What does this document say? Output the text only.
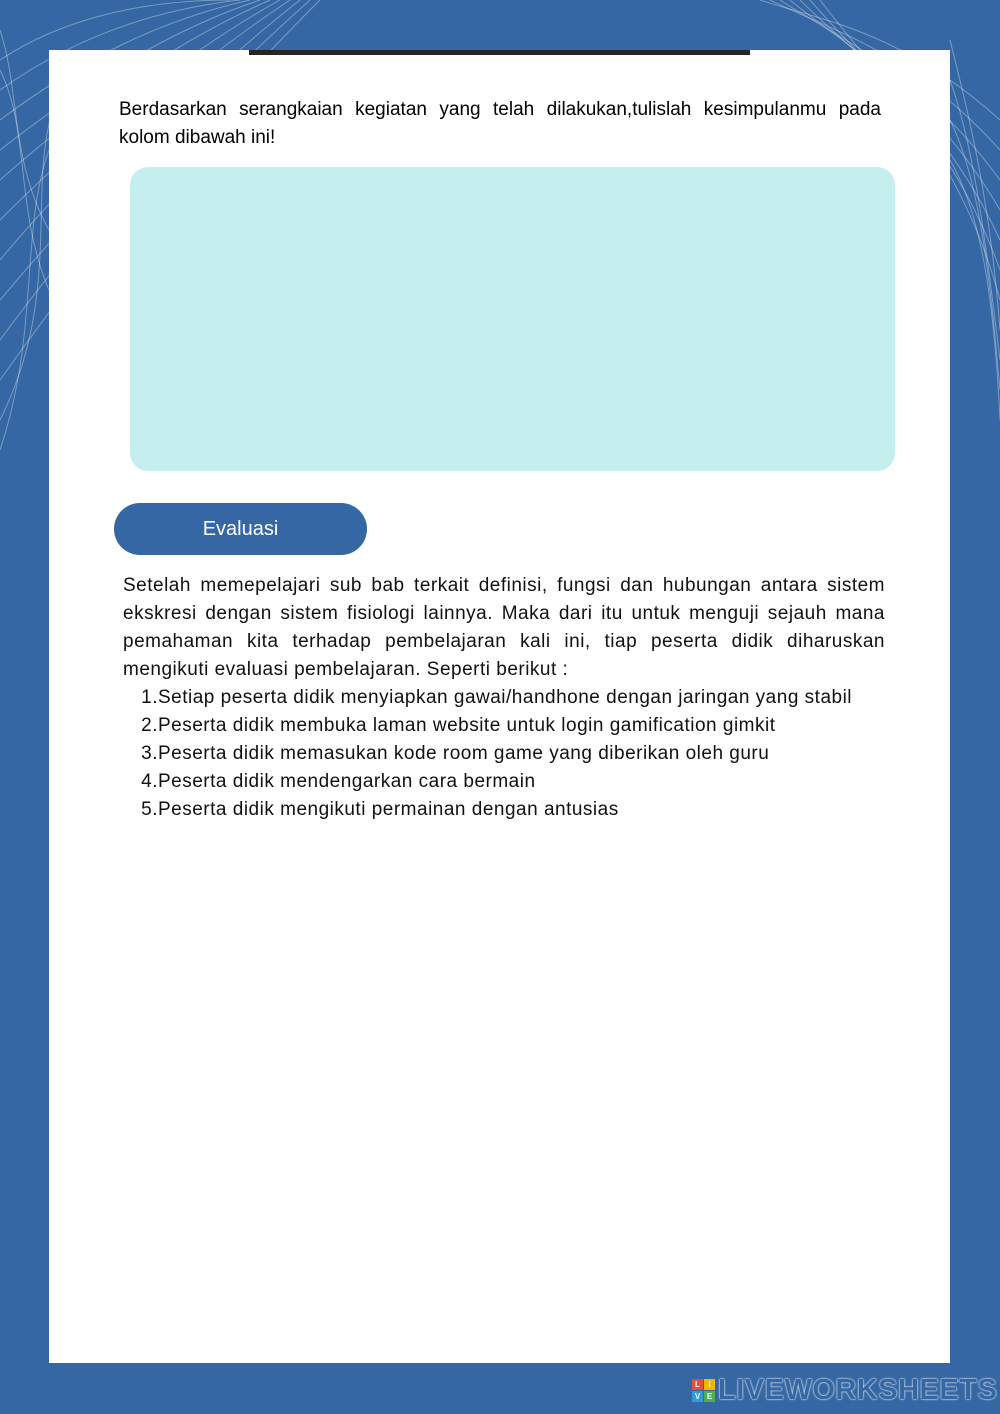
Berdasarkan serangkaian kegiatan yang telah dilakukan,tulislah kesimpulanmu pada kolom dibawah ini!

Evaluasi

Setelah memepelajari sub bab terkait definisi, fungsi dan hubungan antara sistem ekskresi dengan sistem fisiologi lainnya. Maka dari itu untuk menguji sejauh mana pemahaman kita terhadap pembelajaran kali ini, tiap peserta didik diharuskan mengikuti evaluasi pembelajaran. Seperti berikut :

1. Setiap peserta didik menyiapkan gawai/handhone dengan jaringan yang stabil
2. Peserta didik membuka laman website untuk login gamification gimkit
3. Peserta didik memasukan kode room game yang diberikan oleh guru
4. Peserta didik mendengarkan cara bermain
5. Peserta didik mengikuti permainan dengan antusias
L	I
V E LIVEWORKSHEETS
